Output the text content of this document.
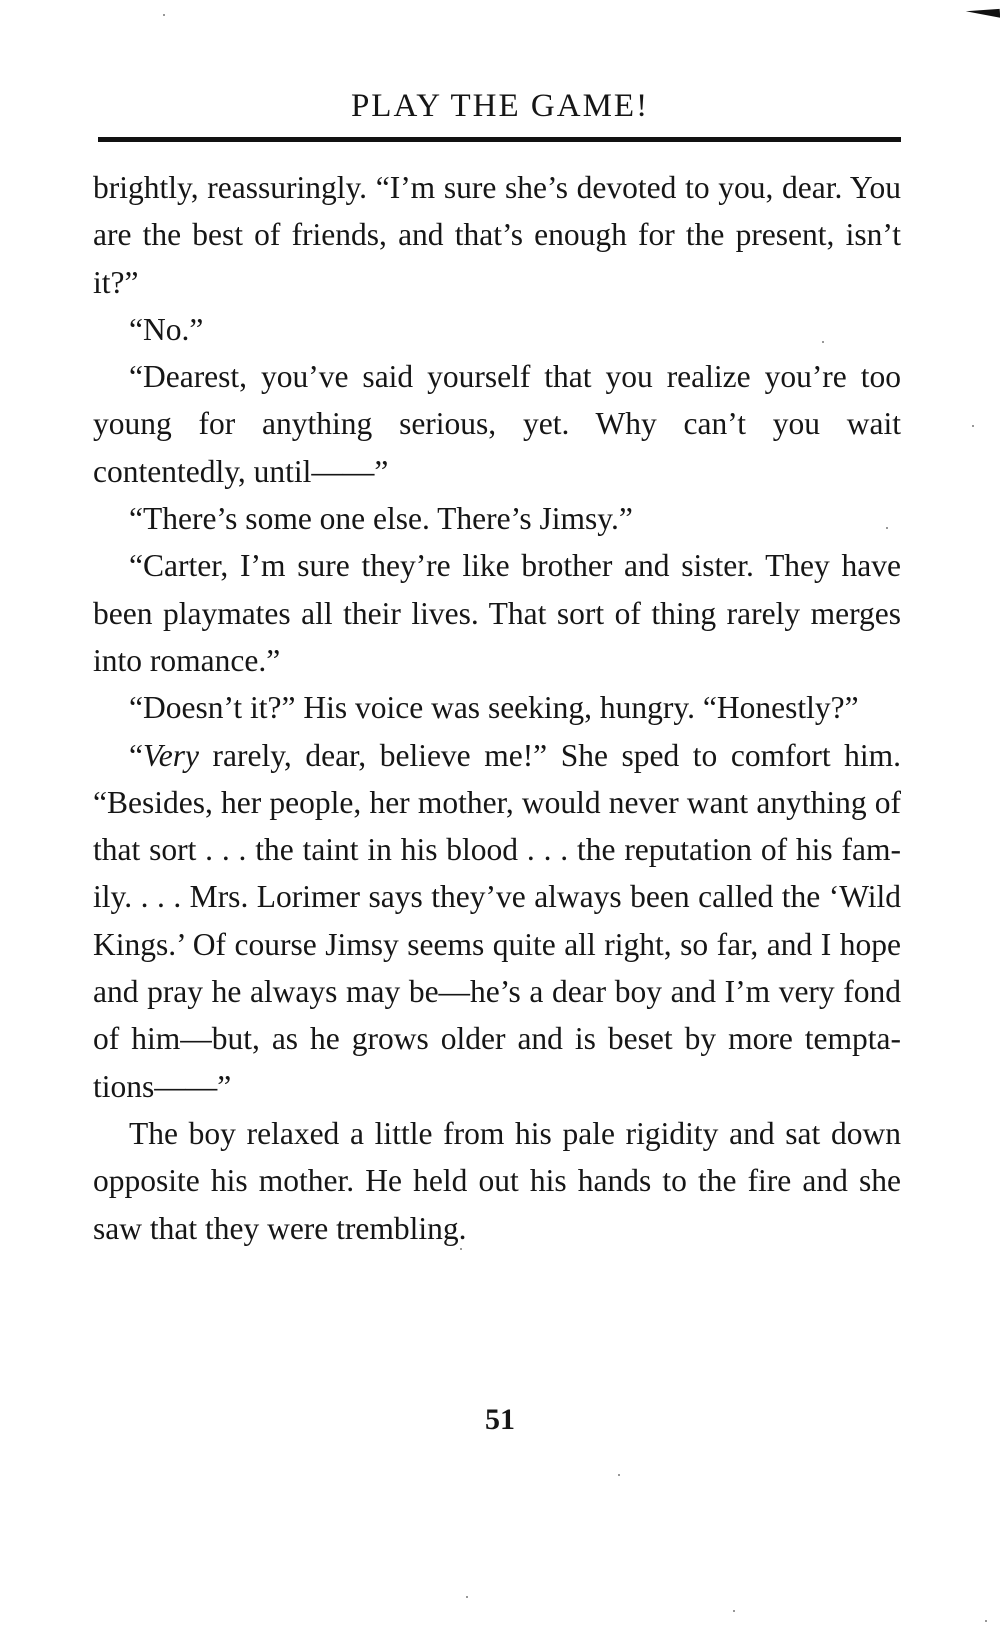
PLAY THE GAME!

brightly, reassuringly. “I’m sure she’s devoted to you, dear. You are the best of friends, and that’s enough for the present, isn’t it?”

“No.”

“Dearest, you’ve said yourself that you realize you’re too young for anything serious, yet. Why can’t you wait contentedly, until——”

“There’s some one else. There’s Jimsy.”

“Carter, I’m sure they’re like brother and sister. They have been playmates all their lives. That sort of thing rarely merges into romance.”

“Doesn’t it?” His voice was seeking, hungry. “Honestly?”

“Very rarely, dear, believe me!” She sped to comfort him. “Besides, her people, her mother, would never want anything of that sort . . . the taint in his blood . . . the reputation of his family. . . . Mrs. Lorimer says they’ve always been called the ‘Wild Kings.’ Of course Jimsy seems quite all right, so far, and I hope and pray he always may be—he’s a dear boy and I’m very fond of him—but, as he grows older and is beset by more temptations——”

The boy relaxed a little from his pale rigidity and sat down opposite his mother. He held out his hands to the fire and she saw that they were trembling.

51
